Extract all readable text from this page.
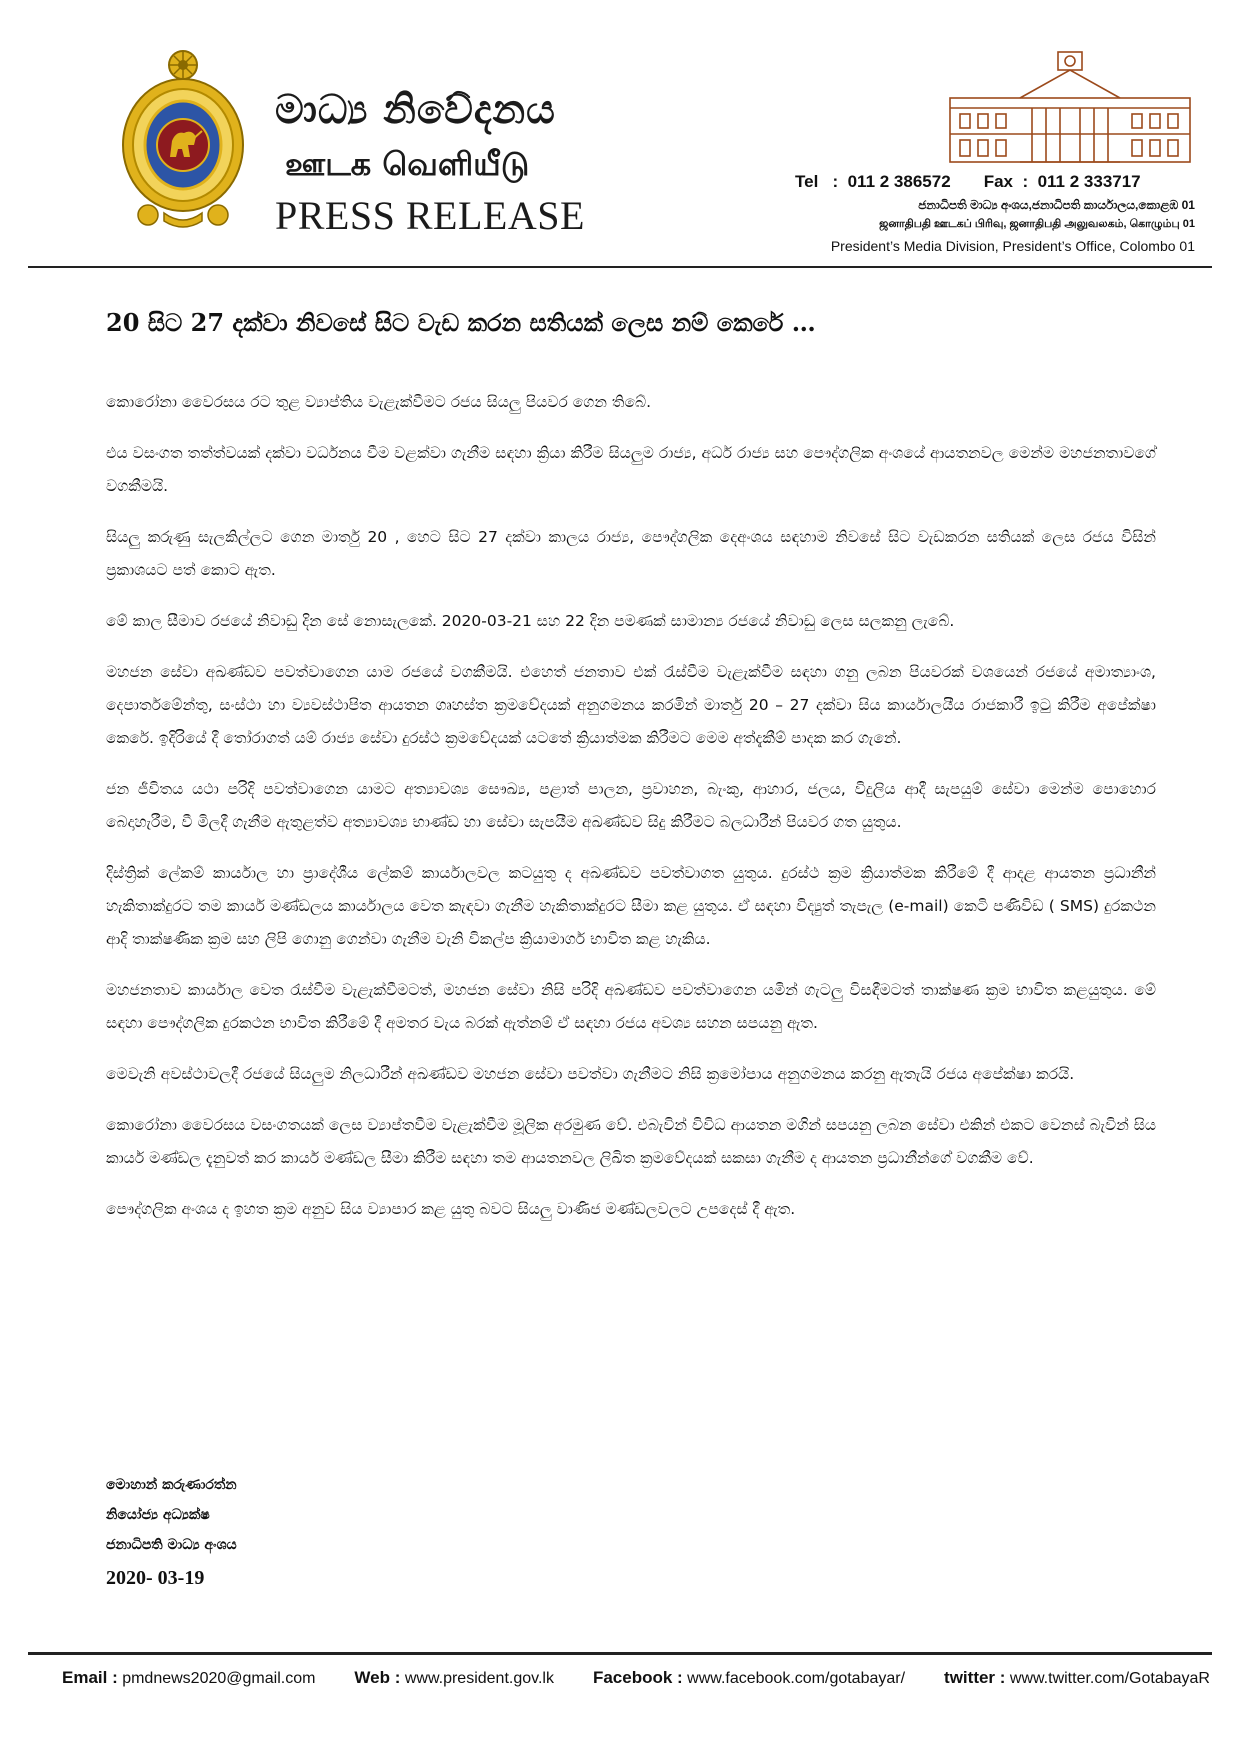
මාධ්‍ය නිවේදනය

ஊடக வெளியீடு

PRESS RELEASE

Tel   :  011 2 386572 Fax  :  011 2 333717
ජනාධිපති මාධ්‍ය අංශය,ජනාධිපති කාර්යාලය,කොළඹ 01
ஜனாதிபதி ஊடகப் பிரிவு, ஜனாதிபதி அலுவலகம், கொழும்பு 01
President’s Media Division, President’s Office, Colombo 01
20 සිට 27 දක්වා නිවසේ සිට වැඩ කරන සතියක් ලෙස නම් කෙරේ …

කොරෝනා වෛරසය රට තුළ ව්‍යාප්තිය වැළැක්වීමට රජය සියලු පියවර ගෙන තිබේ.

එය වසංගත තත්ත්වයක් දක්වා වර්ධනය වීම වළක්වා ගැනීම සඳහා ක්‍රියා කිරීම සියලුම රාජ්‍ය, අර්ධ රාජ්‍ය සහ පෞද්ගලික අංශයේ ආයතනවල මෙන්ම මහජනතාවගේ වගකීමයි.

සියලු කරුණු සැලකිල්ලට ගෙන මාර්තු 20 , හෙට සිට 27 දක්වා කාලය රාජ්‍ය, පෞද්ගලික දෙඅංශය සඳහාම නිවසේ සිට වැඩකරන සතියක් ලෙස රජය විසින් ප්‍රකාශයට පත් කොට ඇත.

මේ කාල සීමාව රජයේ නිවාඩු දින සේ නොසැලකේ. 2020-03-21 සහ 22 දින පමණක් සාමාන්‍ය රජයේ නිවාඩු ලෙස සලකනු ලැබේ.

මහජන සේවා අඛණ්ඩව පවත්වාගෙන යාම රජයේ වගකීමයි. එහෙත් ජනතාව එක් රැස්වීම වැළැක්වීම සඳහා ගනු ලබන පියවරක් වශයෙන් රජයේ අමාත්‍යාංශ, දෙපාර්තමේන්තු, සංස්ථා හා ව්‍යවස්ථාපිත ආයතන ගෘහස්ත ක්‍රමවේදයක් අනුගමනය කරමින් මාර්තු 20 – 27 දක්වා සිය කාර්යාලයීය රාජකාරී ඉටු කිරීම අපේක්ෂා කෙරේ. ඉදිරියේ දී තෝරාගත් යම් රාජ්‍ය සේවා දුරස්ථ ක්‍රමවේදයක් යටතේ ක්‍රියාත්මක කිරීමට මෙම අත්දැකීම් පාදක කර ගැනේ.

ජන ජීවිතය යථා පරිදි පවත්වාගෙන යාමට අත්‍යාවශ්‍ය සෞඛ්‍ය, පළාත් පාලන, ප්‍රවාහන, බැංකු, ආහාර, ජලය, විදුලිය ආදී සැපයුම් සේවා මෙන්ම පොහොර බෙදාහැරීම, වී මිලදී ගැනීම ඇතුළත්ව අත්‍යාවශ්‍ය භාණ්ඩ හා සේවා සැපයීම අඛණ්ඩව සිදු කිරීමට බලධාරීන් පියවර ගත යුතුය.

දිස්ත්‍රික් ලේකම් කාර්යාල හා ප්‍රාදේශීය ලේකම් කාර්යාලවල කටයුතු ද අඛණ්ඩව පවත්වාගත යුතුය. දුරස්ථ ක්‍රම ක්‍රියාත්මක කිරීමේ දී ආදළ ආයතන ප්‍රධානීන් හැකිතාක්දුරට තම කාර්ය මණ්ඩලය කාර්යාලය වෙත කැඳවා ගැනීම හැකිතාක්දුරට සීමා කළ යුතුය. ඒ සඳහා විද්‍යුත් තැපැල (e-mail) කෙටි පණිවිඩ ( SMS) දුරකථන ආදි තාක්ෂණික ක්‍රම සහ ලිපි ගොනු ගෙන්වා ගැනීම වැනි විකල්ප ක්‍රියාමාර්ග භාවිත කළ හැකිය.

මහජනතාව කාර්යාල වෙත රැස්වීම වැළැක්වීමටත්, මහජන සේවා නිසි පරිදි අඛණ්ඩව පවත්වාගෙන යමින් ගැටලු විසඳීමටත් තාක්ෂණ ක්‍රම භාවිත කළයුතුය. මේ සඳහා පෞද්ගලික දුරකථන භාවිත කිරීමේ දී අමතර වැය බරක් ඇත්නම් ඒ සඳහා රජය අවශ්‍ය සහන සපයනු ඇත.

මෙවැනි අවස්ථාවලදී රජයේ සියලුම නිලධාරීන් අඛණ්ඩව මහජන සේවා පවත්වා ගැනීමට නිසි ක්‍රමෝපාය අනුගමනය කරනු ඇතැයි රජය අපේක්ෂා කරයි.

කොරෝනා වෛරසය වසංගතයක් ලෙස ව්‍යාප්තවීම වැළැක්වීම මූලික අරමුණ වේ. එබැවින් විවිධ ආයතන මගින් සපයනු ලබන සේවා එකින් එකට වෙනස් බැවින් සිය කාර්ය මණ්ඩල දැනුවත් කර කාර්ය මණ්ඩල සීමා කිරීම සඳහා තම ආයතනවල ලිඛිත ක්‍රමවේදයක් සකසා ගැනීම ද ආයතන ප්‍රධානීන්ගේ වගකීම වේ.

පෞද්ගලික අංශය ද ඉහත ක්‍රම අනුව සිය ව්‍යාපාර කළ යුතු බවට සියලු වාණිජ මණ්ඩලවලට උපදෙස් දී ඇත.

මොහාන් කරුණාරත්න
නියෝජ්‍ය අධ්‍යක්ෂ
ජනාධිපති මාධ්‍ය අංශය
2020- 03-19
Email : pmdnews2020@gmail.com Web : www.president.gov.lk Facebook : www.facebook.com/gotabayar/ twitter : www.twitter.com/GotabayaR
